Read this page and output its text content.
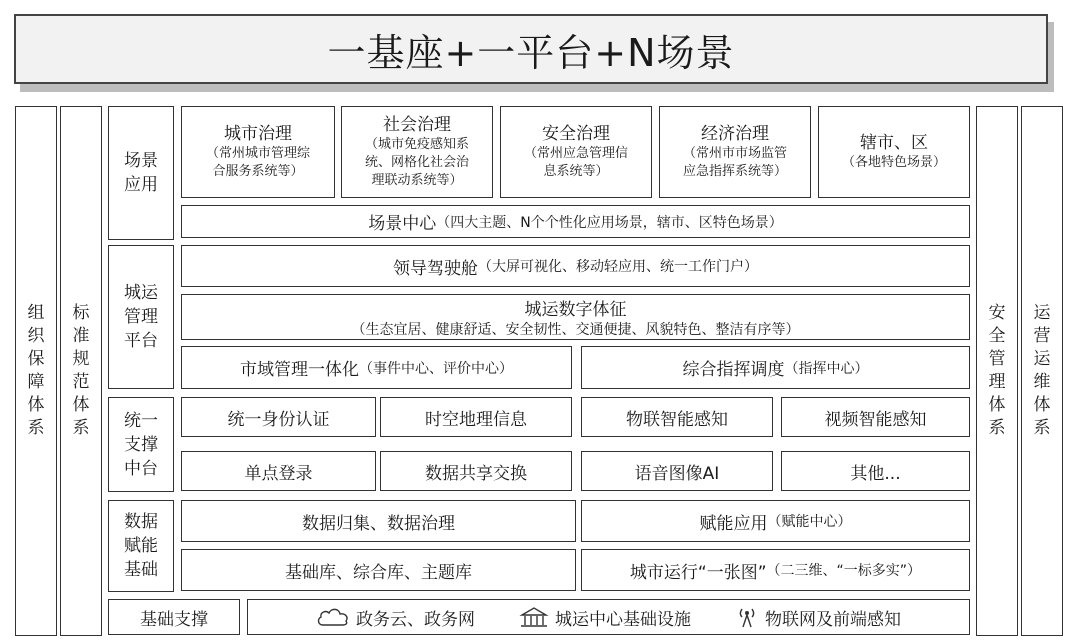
一基座+一平台+N场景
组
织
保
障
体
系
标
准
规
范
体
系
安
全
管
理
体
系
运
营
运
维
体
系
场景
应用
城市治理
（常州城市管理综
合服务系统等）
社会治理
（城市免疫感知系
统、网格化社会治
理联动系统等）
安全治理
（常州应急管理信
息系统等）
经济治理
（常州市市场监管
应急指挥系统等）
辖市、区
（各地特色场景）
场景中心 （四大主题、N个个性化应用场景，辖市、区特色场景）
城运
管理
平台
领导驾驶舱 （大屏可视化、移动轻应用、统一工作门户）
城运数字体征
（生态宜居、健康舒适、安全韧性、交通便捷、风貌特色、整洁有序等）
市域管理一体化 （事件中心、评价中心）	综合指挥调度 （指挥中心）
统一
支撑
中台
统一身份认证	时空地理信息	物联智能感知	视频智能感知
单点登录	数据共享交换	语音图像AI	其他...
数据
赋能
基础
数据归集、数据治理	赋能应用 （赋能中心）
基础库、综合库、主题库	城市运行“一张图” （二三维、“一标多实”）
基础支撑	政务云、政务网	城运中心基础设施	物联网及前端感知
